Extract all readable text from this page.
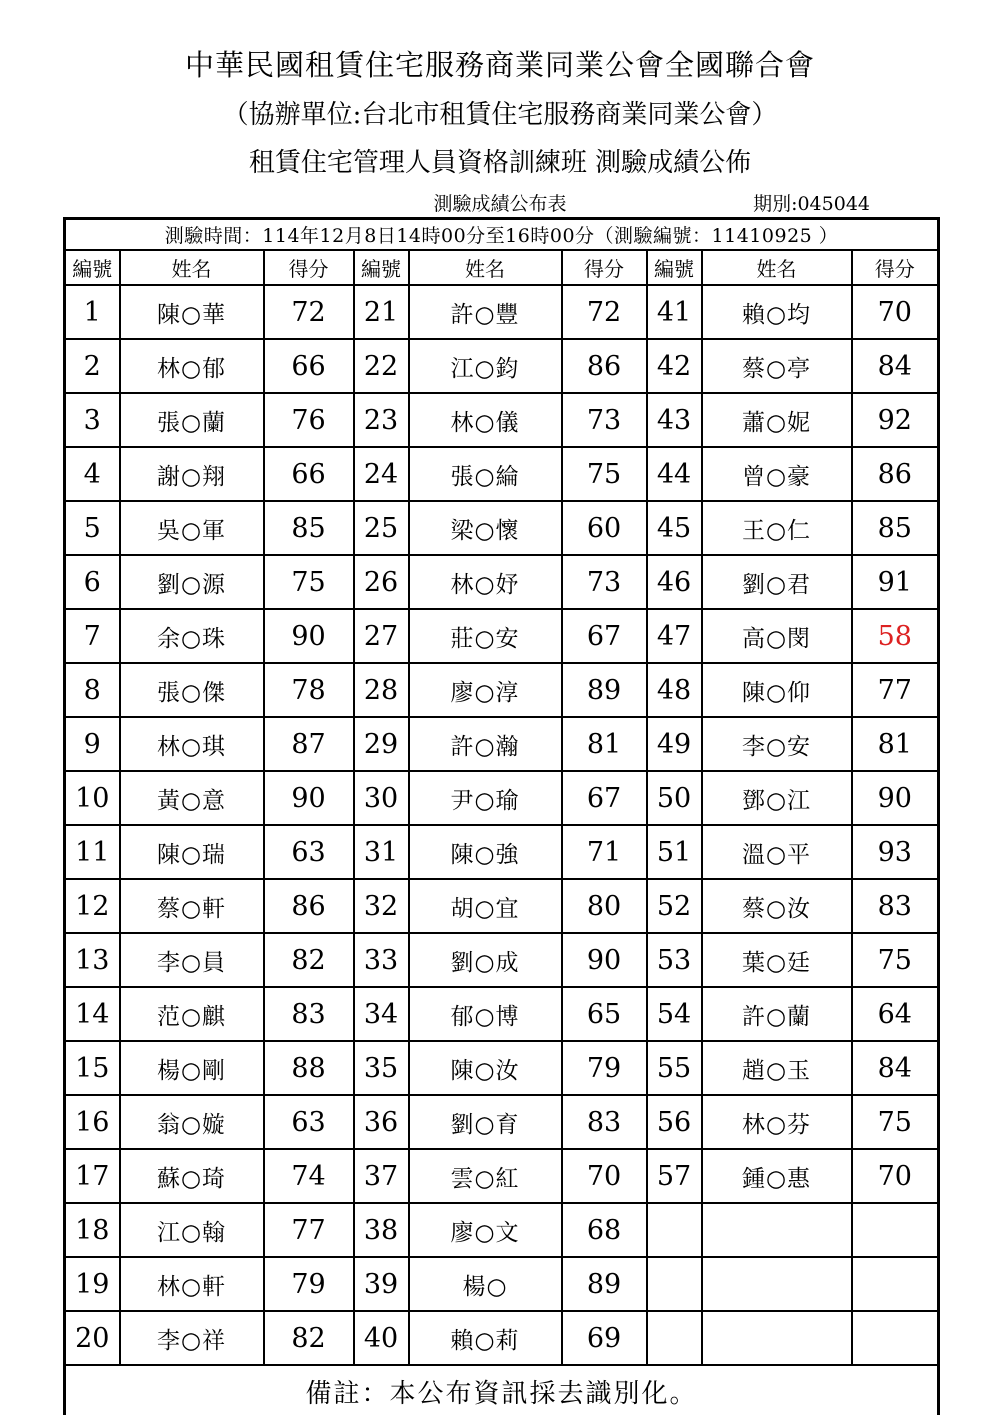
中華民國租賃住宅服務商業同業公會全國聯合會
（協辦單位:台北市租賃住宅服務商業同業公會）
租賃住宅管理人員資格訓練班 測驗成績公佈
測驗成績公布表	期別:045044
測驗時間：114年12月8日14時00分至16時00分（測驗編號：11410925 ）								
編號	姓名	得分	編號	姓名	得分	編號	姓名	得分
1	陳○華	72	21	許○豐	72	41	賴○均	70
2	林○郁	66	22	江○鈞	86	42	蔡○亭	84
3	張○蘭	76	23	林○儀	73	43	蕭○妮	92
4	謝○翔	66	24	張○綸	75	44	曾○豪	86
5	吳○軍	85	25	梁○懷	60	45	王○仁	85
6	劉○源	75	26	林○妤	73	46	劉○君	91
7	余○珠	90	27	莊○安	67	47	高○閔	58
8	張○傑	78	28	廖○淳	89	48	陳○仰	77
9	林○琪	87	29	許○瀚	81	49	李○安	81
10	黃○意	90	30	尹○瑜	67	50	鄧○江	90
11	陳○瑞	63	31	陳○強	71	51	溫○平	93
12	蔡○軒	86	32	胡○宜	80	52	蔡○汝	83
13	李○員	82	33	劉○成	90	53	葉○廷	75
14	范○麒	83	34	郁○博	65	54	許○蘭	64
15	楊○剛	88	35	陳○汝	79	55	趙○玉	84
16	翁○嫙	63	36	劉○育	83	56	林○芬	75
17	蘇○琦	74	37	雲○紅	70	57	鍾○惠	70
18	江○翰	77	38	廖○文	68			
19	林○軒	79	39	楊○	89			
20	李○祥	82	40	賴○莉	69			
備註：本公布資訊採去識別化。								
